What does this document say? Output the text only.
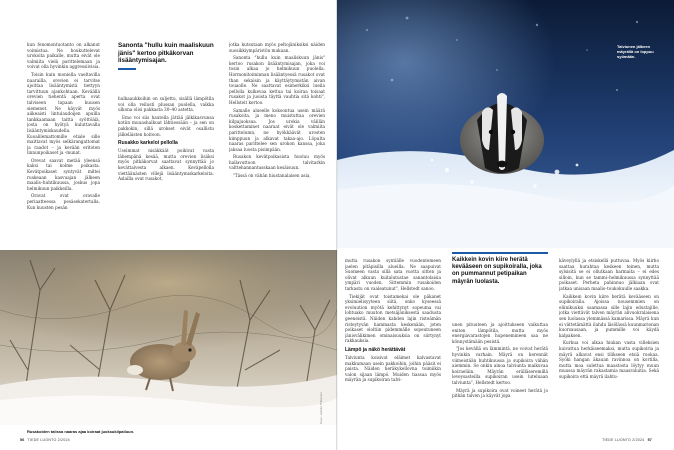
kun fenomontuotanto on alkanut voimistua. Ne houkuttelevat urokoita paikalle, mutta eivät ole valmiita vielä parittelemaan ja voivat olla hyvinkin aggressiivisia.

Toisin kuin moniella vaeltavilla naarailla, orevien ei tarvitse ajoittaa lisääntymistä tiettyyn tarvittuun ajankohtaan. Keväällä orevien tiehentä aperta ovat talviseen tapaan kuusen siemenet. Ne käyvät myös aiikeaisti lintulaudoijen apuilla tankkaamaan taitta syöttöäiä, josta on hyötyä kuluttavalla lisääntymiskaudella. Kuoalilemattomille etiale sille maittavat myös selkärangattomat ja raadot – ja kevään eritoten linnunpoikaset ja -munat.

Orevat saavat metää yleensä kaksi tai kolme poikasta. Kevätpoikaset syntyvät miltei ruskeaan kasvuajan jälkeen maalis–huhtikuussa, joskus jopa helmikuun paikkeilla.

Oravat ovat oravalle periaatteessa pesäsekatertalla. Kun kuusten pesän

Sanonta "hullu kuin maaliskuun jänis" kertoo pitkäkorvan lisääntymisajan.

hulkaaukkoihin on suljettu, sisällä lämpötila voi olla reilusti plussan puolella, vaikka ulkona olisi pakkasta 30–40 astetta.

Emo voi siis hautella jättää jälkikasvunsa kotiin muuashalkuat lähtiessään – ja sen on pakkokin, sillä urokset eivät osallistu jälkeläisten hoitoon.

Rusakko karkeloi pellolla

Useimmat nisäkkäät poikivat vasta lähempänä kesää, mutta orevien lisäksi myös pitkäkorvat saattavat synnyttää jo kevättalvesta alkaen. Keväpellolla viettäänästen villejä lisääntymiskarkeloita. Aslailla ovat rusakot,

jotka kutsutaan myös peltojäniksiksi näiden suosikkiympäristön mukaan.

Sanonta "hullu kuin maaliskuun jänis" kertoo rusakon lisääntymisajan, joka voi tosin alkaa jo helmikuun puolella. Hormonitoiminnan lisääntyessä rusakot ovat than sekaisin ja käyttäytymistän aivan touaolle. Ne saattavat esimerkiksi lueila pellolla kulkevaa kettua tai koiraa toisaat rusakot ja juoista täyttä vauhtia sitä kohti", Hellsteit kertoo.

Samalle alueelle kokoontua usein määrä rusakoita, ja meno muistuttaa orevien kilpajuoksua. Jos urokia välilän koskettaminet naaraat eivät ole valmiita parittelumn, ne hyökkäävät urosten kimppuun ja alkavat takaa-ajo. Löpulta naaras parittelee sen urokon kanssa, joka jaksaa luosta pisimpään.

Rusakon kevätpoikasista huoluu myös hallavuttoon talvitarkin valttehannantusskaan kesäisuun.

"Tässä on vähän hiustanalaisen asia,

Rusakoiden talissa naaras ajaa koiraat juoksukilpailuun.
Kuva: Jaakko Tiilikainen
56 TIEDE LUONTO 2/2024
Talviunen jälkeen mäyrällä on loppuu syömään.

mutta rusakon syntiälle vuodentemeen jaelen pitäpisilla alueilla. Ne saapuivat Suomeen vasta sillä sata vuotta sitten ja olivat alkuun kuitalutustae sanantolaisia ympäri vuoden. Sittemmin rusakoiden tarkastu on vaaleatunut", Hellstedt sanoo.

Tiekijät ovat toistamekai ole päkanet yksimielisyyteen siitä, onko kyseessä evoluution myötä kehittynyt sopeuma vai lohtuako muuton metsäjäniksestä saadusta geeneistä. Näiden kahden lajin risteämän risteytyvän hammasta keskenään, joten poikaset ololtiin pidemmälle sopeutuneen jänisvälikimen ominaisuuksia on siirtynyt rakkauksia.

Lämpö ja näkö herättävät

Talviunta koisivat eläimet kalvastavat makkumaan usein pakkoihin, joihin pääsit ei paista. Näiden heräkykellovna toimiikin valon sijaan lämpö. Muiden tiassaa myös mäyrän ja supikoiran talvi-

Kaikkein kovin kiire herätä kevääseen on supikoiralla, joka on pummannut petipaikan mäyrän luolasta.

unen pituuteen ja ajoittukseen vaikuttaa eniten lämpötila, mutta myös energiavarastojen hupenemineen saa ne könnystämään pesistä.

"Jos kevällä on lämmintä, ne voivat herätä hyvinkin varhain. Mäyrä on herennät viimeistään huhtikuussa ja supikoira vähän aiemmin. Se onkin ainoa talviunta maikuvaa koiraeläin. Mäyrän erälläseremillä leveysasteilla supikoiran usein luteluaan talviunta", Hellstedt kertoo.

Mäyrä ja supikoira ovat voineet herätä jo pitkän talven ja käyvät jopa

käveylyllä ja etsiskellä puttuvaa. Myös kiirho saattaa hurahtaa keskeen teinen, mutta sylsisitä se ei ollutkaan harmaita – ei edes silloin, kun se tammi–helmikuussa synnyttää poikaset. Perheta pahinnuo jälkiaan ovat jatkaa unisaan maalis–toukokuulle saakka.

Kaikkein kovin kiire herätä kevääseen on supikoiralla. Ajoissa nousemmien on eliinikuuksi saamassa sille lajin edustajille, jotka viettävät talven mäyrän alivuokralaisena sen luolassa ylemmässä kamarissa. Mäyrä kun ei vättetämättä ilahdu läsölässä kuunmarionan kuorsausaan, ja pummille voi käydä kalpaksen.

Kurkua voi alkaa hiukan vasta villeksien kuivattua herkäiseemaksi, mutta supikoiria ja mäyrä alkavat ensi tilikseen etsiä ruokaa. Syöki hangan äkauan ravinnoa on kortilla, mutta moa sulettua maastosta löytyy muun muassa mäyrän rakastamia maasraluitia. Sekä supikoira että mäyrä ilahtu-

TIEDE LUONTO 2/2024 57
